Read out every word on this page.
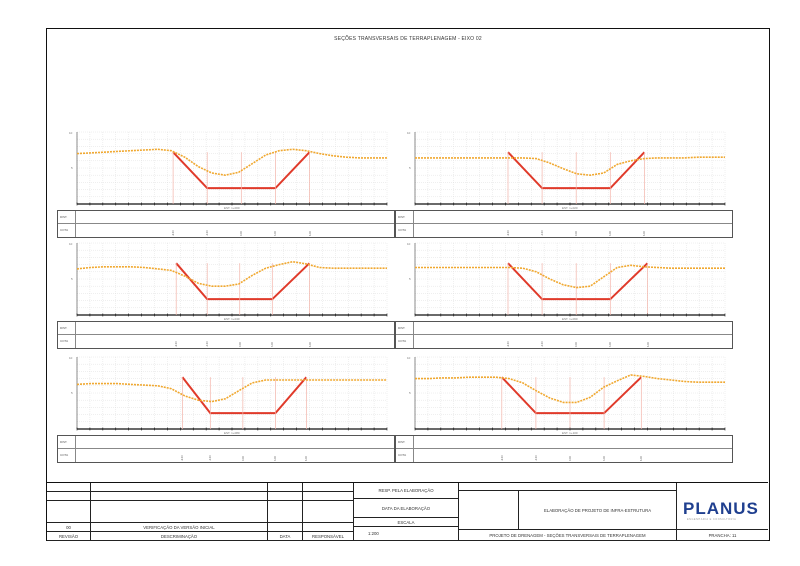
SEÇÕES TRANSVERSAIS DE TERRAPLENAGEM - EIXO 02
10
5
EST. 1+000
DIST.
COTA
-6.00	-3.00	0.00	3.00	6.00
10
5
EST. 1+020
DIST.
COTA
-6.00	-3.00	0.00	3.00	6.00
10
5
EST. 1+040
DIST.
COTA
-6.00	-3.00	0.00	3.00	6.00
10
5
EST. 1+060
DIST.
COTA
-6.00	-3.00	0.00	3.00	6.00
10
5
EST. 1+080
DIST.
COTA
-6.00	-3.00	0.00	3.00	6.00
10
5
EST. 1+100
DIST.
COTA
-6.00	-3.00	0.00	3.00	6.00
00	VERIFICAÇÃO DA VERSÃO INICIAL
REVISÃO	DESCRIMINAÇÃO	DATA	RESPONSÁVEL
RESP. PELA ELABORAÇÃO
DATA DA ELABORAÇÃO
ESCALA
1:200
ELABORAÇÃO DE PROJETO DE INFRA-ESTRUTURA
PROJETO DE DRENAGEM - SEÇÕES TRANSVERSAIS DE TERRAPLENAGEM
PLANUS
ENGENHARIA E CONSULTORIA
PRANCHA: 11
